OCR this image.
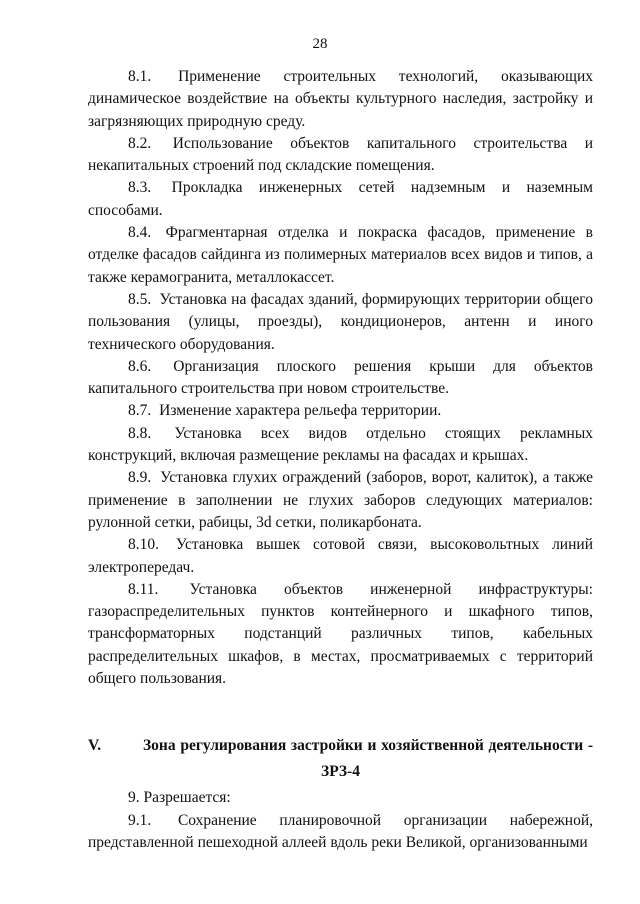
28

8.1. Применение строительных технологий, оказывающих динамическое воздействие на объекты культурного наследия, застройку и загрязняющих природную среду.

8.2. Использование объектов капитального строительства и некапитальных строений под складские помещения.

8.3. Прокладка инженерных сетей надземным и наземным способами.

8.4. Фрагментарная отделка и покраска фасадов, применение в отделке фасадов сайдинга из полимерных материалов всех видов и типов, а также керамогранита, металлокассет.

8.5. Установка на фасадах зданий, формирующих территории общего пользования (улицы, проезды), кондиционеров, антенн и иного технического оборудования.

8.6. Организация плоского решения крыши для объектов капитального строительства при новом строительстве.

8.7. Изменение характера рельефа территории.

8.8. Установка всех видов отдельно стоящих рекламных конструкций, включая размещение рекламы на фасадах и крышах.

8.9. Установка глухих ограждений (заборов, ворот, калиток), а также применение в заполнении не глухих заборов следующих материалов: рулонной сетки, рабицы, 3d сетки, поликарбоната.

8.10. Установка вышек сотовой связи, высоковольтных линий электропередач.

8.11. Установка объектов инженерной инфраструктуры: газораспределительных пунктов контейнерного и шкафного типов, трансформаторных подстанций различных типов, кабельных распределительных шкафов, в местах, просматриваемых с территорий общего пользования.

V.	Зона регулирования застройки и хозяйственной деятельности -
ЗРЗ-4

9. Разрешается:

9.1. Сохранение планировочной организации набережной, представленной пешеходной аллеей вдоль реки Великой, организованными
